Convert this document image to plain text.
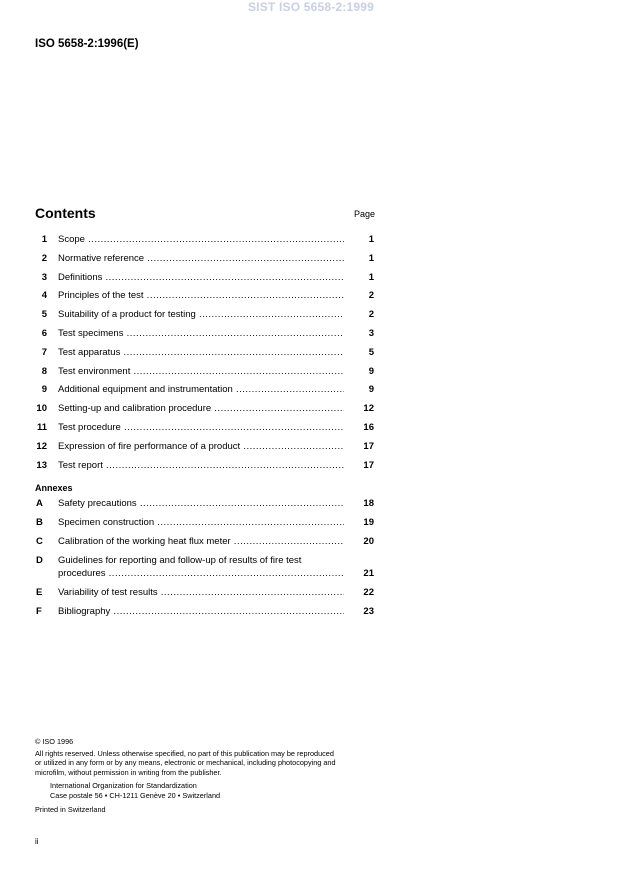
SIST ISO 5658-2:1999
ISO 5658-2:1996(E)
Contents	Page
1 Scope .....	1
2 Normative reference .....	1
3 Definitions .....	1
4 Principles of the test .....	2
5 Suitability of a product for testing .....	2
6 Test specimens .....	3
7 Test apparatus .....	5
8 Test environment .....	9
9 Additional equipment and instrumentation .....	9
10 Setting-up and calibration procedure .....	12
11 Test procedure .....	16
12 Expression of fire performance of a product .....	17
13 Test report .....	17
Annexes
A	Safety precautions .....	18
B	Specimen construction .....	19
C	Calibration of the working heat flux meter .....	20
D	Guidelines for reporting and follow-up of results of fire test
procedures .....	21
E	Variability of test results .....	22
F	Bibliography .....	23
© ISO 1996
All rights reserved. Unless otherwise specified, no part of this publication may be reproduced
or utilized in any form or by any means, electronic or mechanical, including photocopying and
microfilm, without permission in writing from the publisher.
International Organization for Standardization
Case postale 56 • CH-1211 Genève 20 • Switzerland
Printed in Switzerland
ii
